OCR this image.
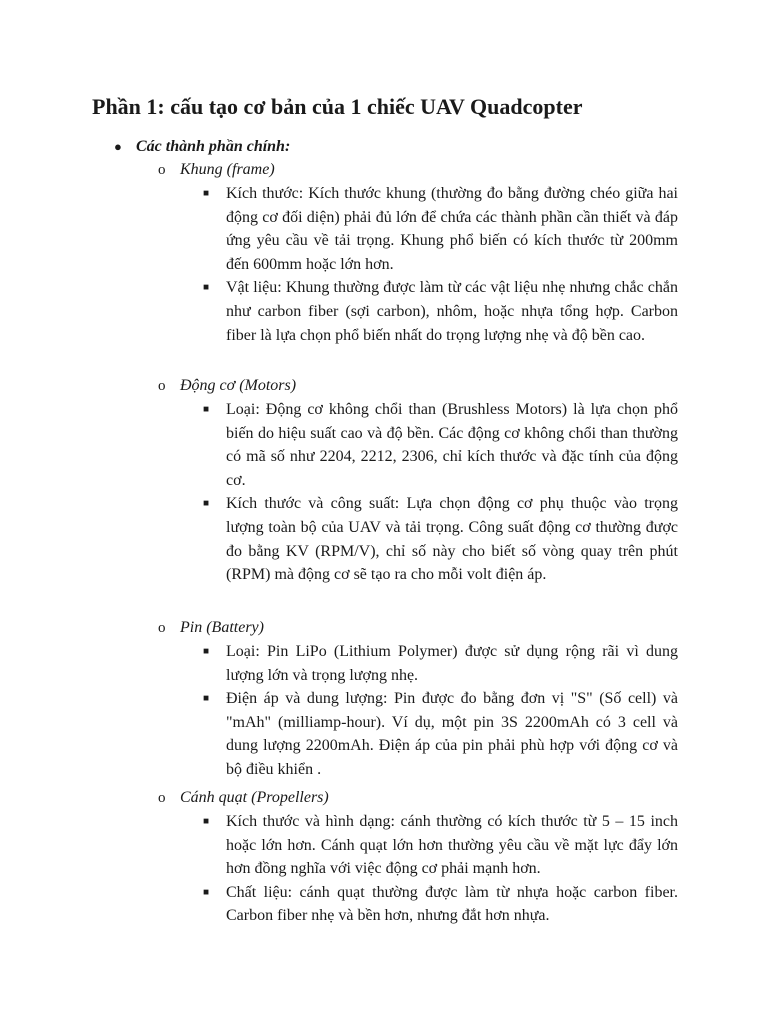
Phần 1: cấu tạo cơ bản của 1 chiếc UAV Quadcopter

● Các thành phần chính:

o Khung (frame)

■ Kích thước: Kích thước khung (thường đo bằng đường chéo giữa hai động cơ đối diện) phải đủ lớn để chứa các thành phần cần thiết và đáp ứng yêu cầu về tải trọng. Khung phổ biến có kích thước từ 200mm đến 600mm hoặc lớn hơn.

■ Vật liệu: Khung thường được làm từ các vật liệu nhẹ nhưng chắc chắn như carbon fiber (sợi carbon), nhôm, hoặc nhựa tổng hợp. Carbon fiber là lựa chọn phổ biến nhất do trọng lượng nhẹ và độ bền cao.

o Động cơ (Motors)

■ Loại: Động cơ không chổi than (Brushless Motors) là lựa chọn phổ biến do hiệu suất cao và độ bền. Các động cơ không chổi than thường có mã số như 2204, 2212, 2306, chỉ kích thước và đặc tính của động cơ.

■ Kích thước và công suất: Lựa chọn động cơ phụ thuộc vào trọng lượng toàn bộ của UAV và tải trọng. Công suất động cơ thường được đo bằng KV (RPM/V), chỉ số này cho biết số vòng quay trên phút (RPM) mà động cơ sẽ tạo ra cho mỗi volt điện áp.

o Pin (Battery)

■ Loại: Pin LiPo (Lithium Polymer) được sử dụng rộng rãi vì dung lượng lớn và trọng lượng nhẹ.

■ Điện áp và dung lượng: Pin được đo bằng đơn vị "S" (Số cell) và "mAh" (milliamp-hour). Ví dụ, một pin 3S 2200mAh có 3 cell và dung lượng 2200mAh. Điện áp của pin phải phù hợp với động cơ và bộ điều khiển .

o Cánh quạt (Propellers)

■ Kích thước và hình dạng: cánh thường có kích thước từ 5 – 15 inch hoặc lớn hơn. Cánh quạt lớn hơn thường yêu cầu về mặt lực đẩy lớn hơn đồng nghĩa với việc động cơ phải mạnh hơn.

■ Chất liệu: cánh quạt thường được làm từ nhựa hoặc carbon fiber. Carbon fiber nhẹ và bền hơn, nhưng đắt hơn nhựa.
